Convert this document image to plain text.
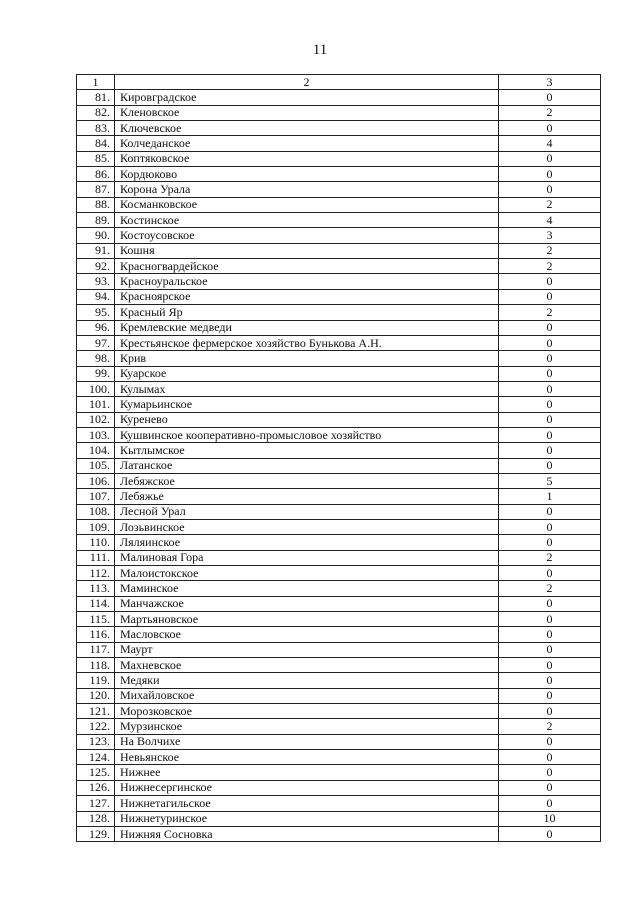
11
1	2	3
81.	Кировградское	0
82.	Кленовское	2
83.	Ключевское	0
84.	Колчеданское	4
85.	Коптяковское	0
86.	Кордюково	0
87.	Корона Урала	0
88.	Косманковское	2
89.	Костинское	4
90.	Костоусовское	3
91.	Кошня	2
92.	Красногвардейское	2
93.	Красноуральское	0
94.	Красноярское	0
95.	Красный Яр	2
96.	Кремлевские медведи	0
97.	Крестьянское фермерское хозяйство Бунькова А.Н.	0
98.	Крив	0
99.	Куарское	0
100.	Кулымах	0
101.	Кумарьинское	0
102.	Куренево	0
103.	Кушвинское кооперативно-промысловое хозяйство	0
104.	Кытлымское	0
105.	Латанское	0
106.	Лебяжское	5
107.	Лебяжье	1
108.	Лесной Урал	0
109.	Лозьвинское	0
110.	Ляляинское	0
111.	Малиновая Гора	2
112.	Малоистокское	0
113.	Маминское	2
114.	Манчажское	0
115.	Мартьяновское	0
116.	Масловское	0
117.	Маурт	0
118.	Махневское	0
119.	Медяки	0
120.	Михайловское	0
121.	Морозковское	0
122.	Мурзинское	2
123.	На Волчихе	0
124.	Невьянское	0
125.	Нижнее	0
126.	Нижнесергинское	0
127.	Нижнетагильское	0
128.	Нижнетуринское	10
129.	Нижняя Сосновка	0
